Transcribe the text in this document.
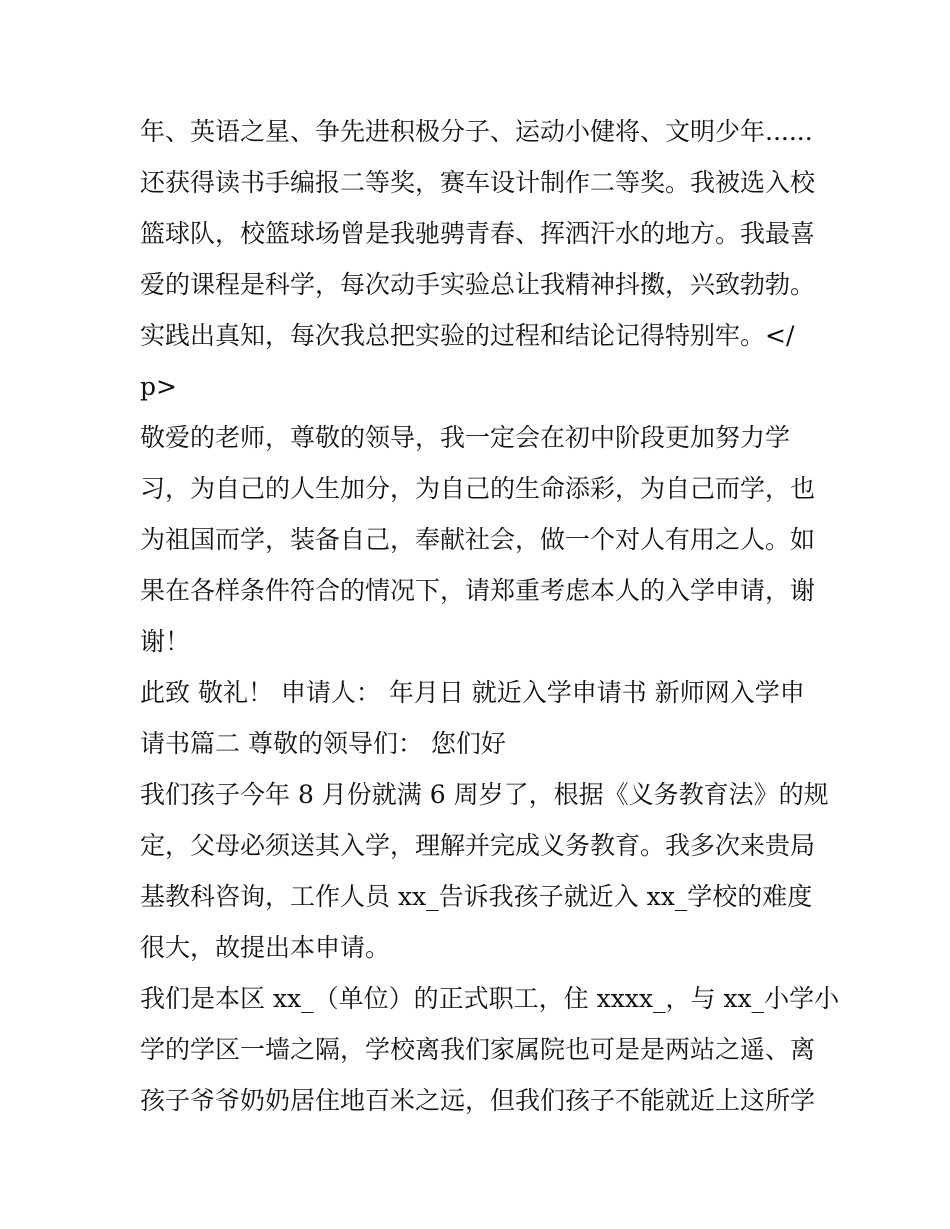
年、英语之星、争先进积极分子、运动小健将、文明少年......
还获得读书手编报二等奖，赛车设计制作二等奖。我被选入校
篮球队，校篮球场曾是我驰骋青春、挥洒汗水的地方。我最喜
爱的课程是科学，每次动手实验总让我精神抖擞，兴致勃勃。
实践出真知，每次我总把实验的过程和结论记得特别牢。</
p>
敬爱的老师，尊敬的领导，我一定会在初中阶段更加努力学
习，为自己的人生加分，为自己的生命添彩，为自己而学，也
为祖国而学，装备自己，奉献社会，做一个对人有用之人。如
果在各样条件符合的情况下，请郑重考虑本人的入学申请，谢
谢！
此致 敬礼！ 申请人： 年月日 就近入学申请书 新师网入学申
请书篇二 尊敬的领导们： 您们好
我们孩子今年 8 月份就满 6 周岁了，根据《义务教育法》的规
定，父母必须送其入学，理解并完成义务教育。我多次来贵局
基教科咨询，工作人员 xx_告诉我孩子就近入 xx_学校的难度
很大，故提出本申请。
我们是本区 xx_（单位）的正式职工，住 xxxx_，与 xx_小学小
学的学区一墙之隔，学校离我们家属院也可是是两站之遥、离
孩子爷爷奶奶居住地百米之远，但我们孩子不能就近上这所学
